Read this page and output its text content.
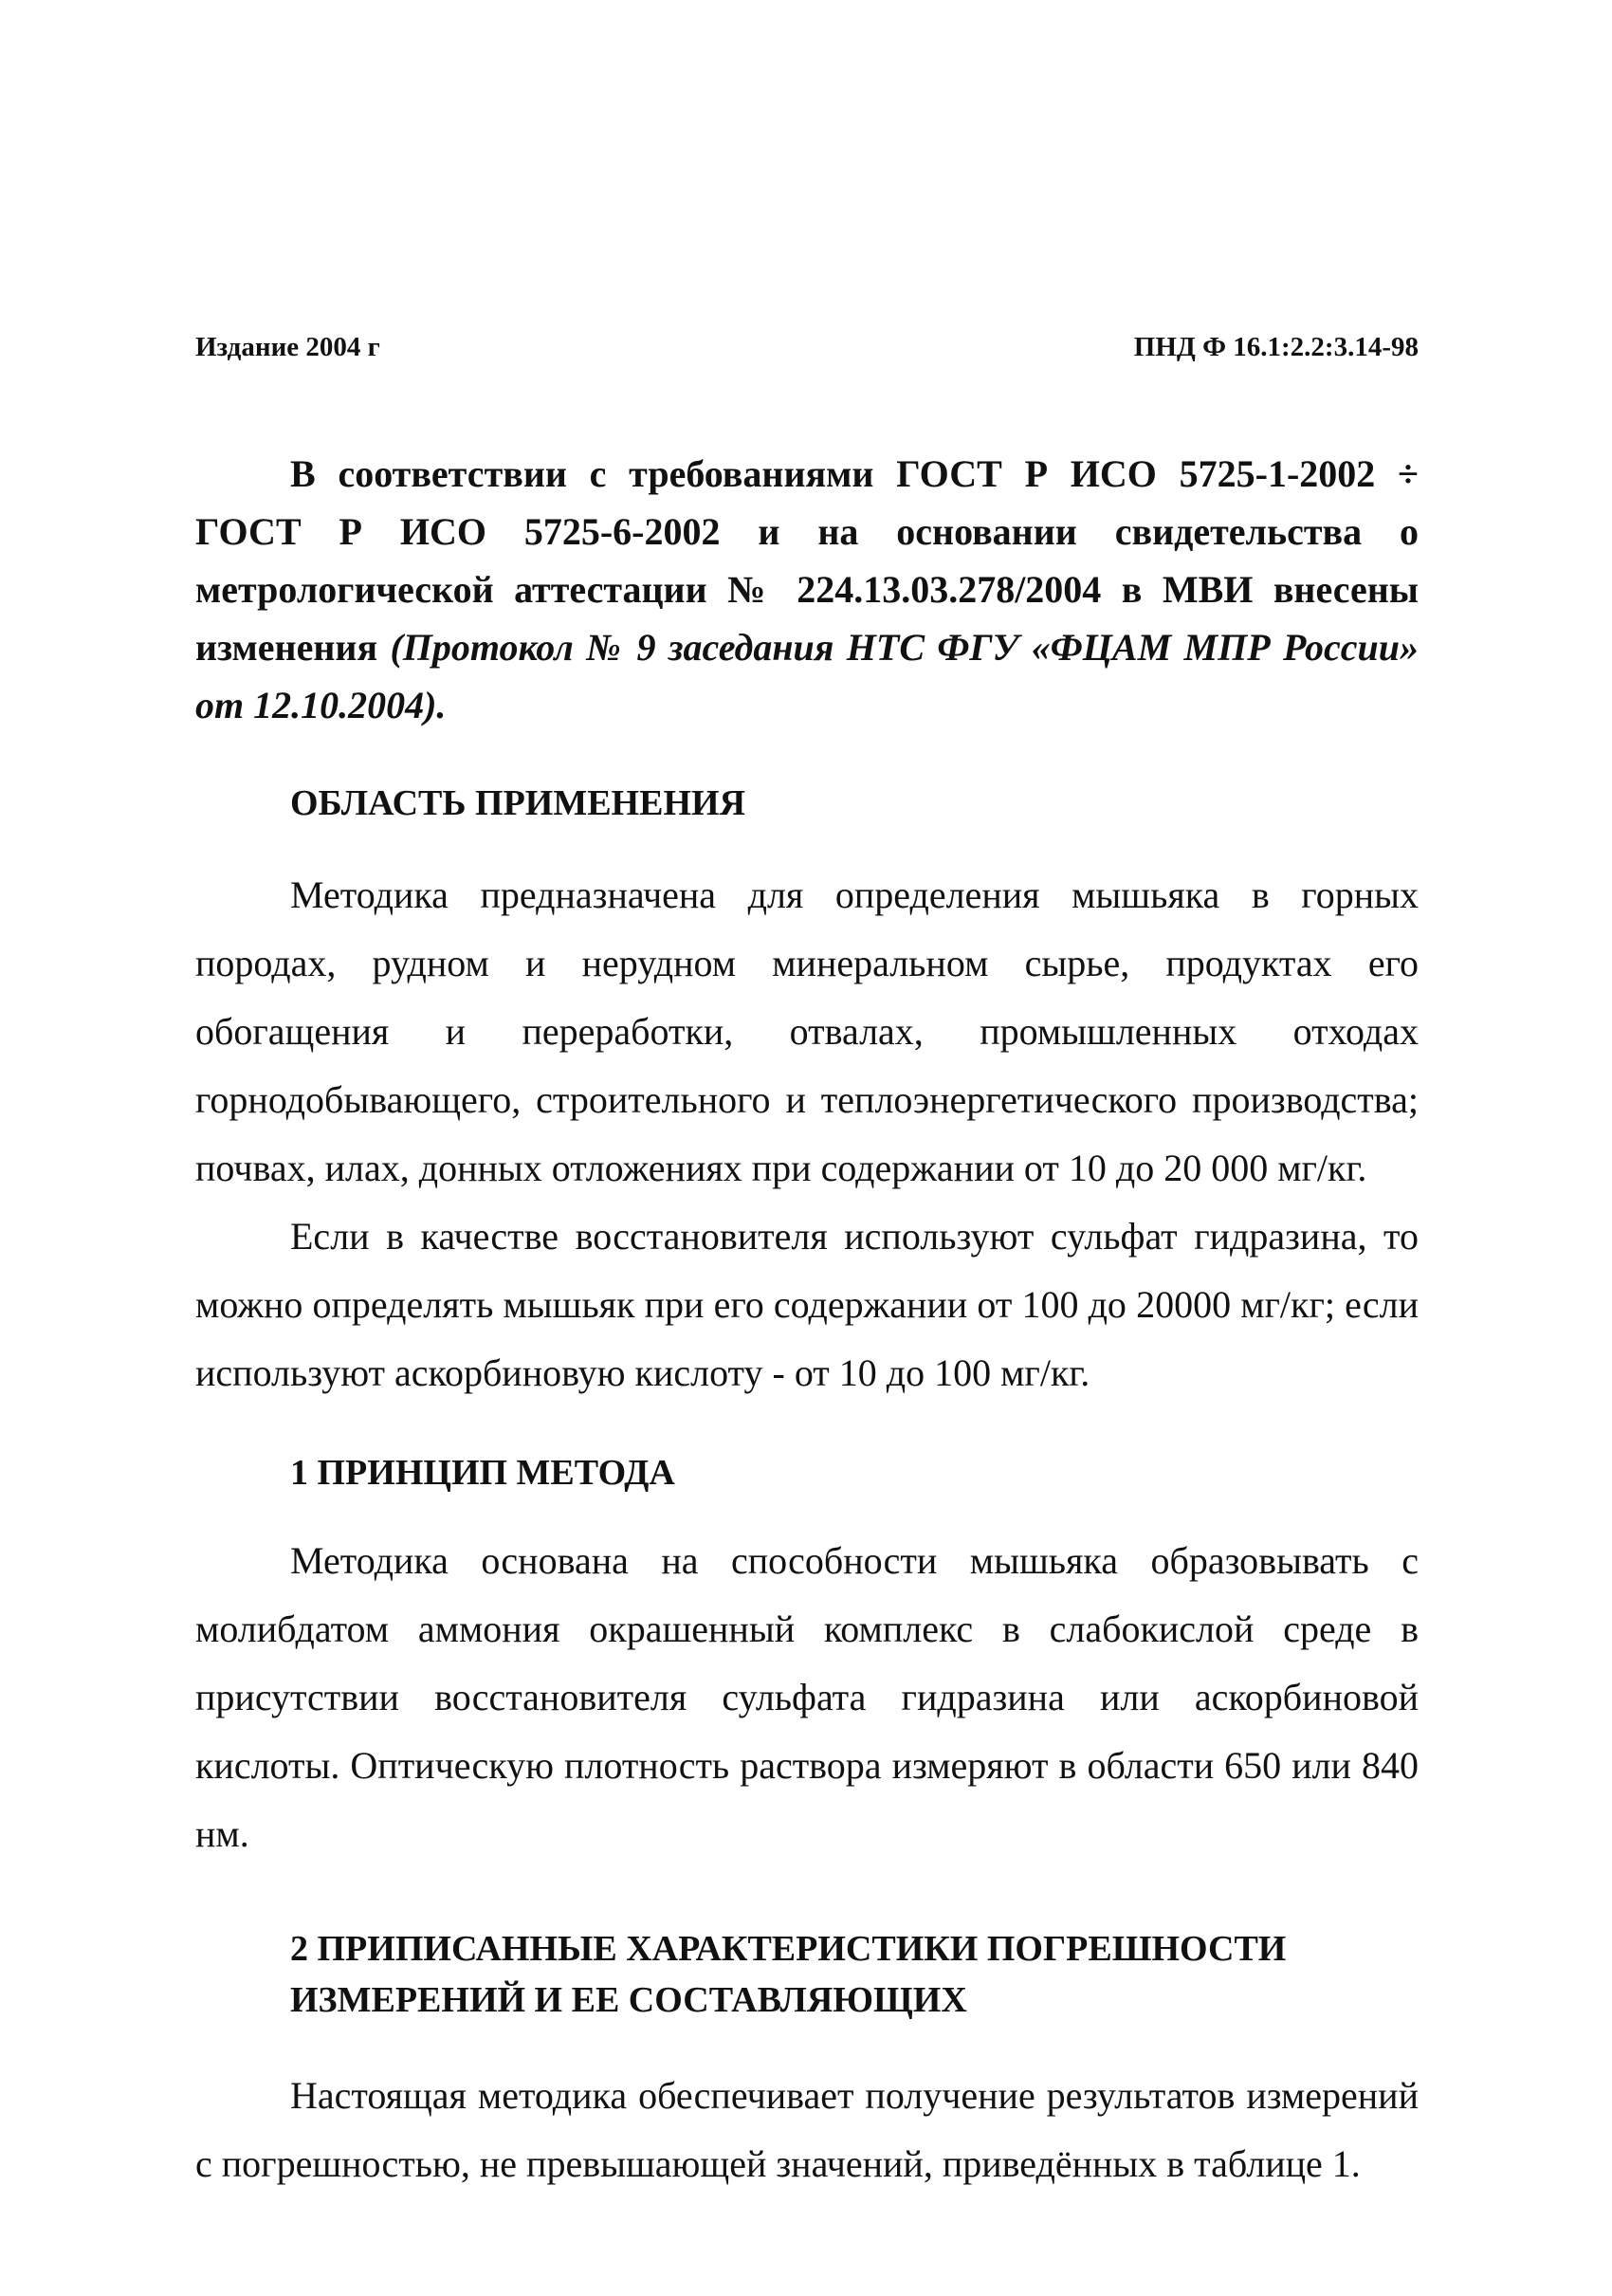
Издание 2004 г	ПНД Ф 16.1:2.2:3.14-98

В соответствии с требованиями ГОСТ Р ИСО 5725-1-2002 ÷ ГОСТ Р ИСО 5725-6-2002 и на основании свидетельства о метрологической аттестации № 224.13.03.278/2004 в МВИ внесены изменения (Протокол № 9 заседания НТС ФГУ «ФЦАМ МПР России» от 12.10.2004).

ОБЛАСТЬ ПРИМЕНЕНИЯ

Методика предназначена для определения мышьяка в горных породах, рудном и нерудном минеральном сырье, продуктах его обогащения и переработки, отвалах, промышленных отходах горнодобывающего, строительного и теплоэнергетического производства; почвах, илах, донных отложениях при содержании от 10 до 20 000 мг/кг.

Если в качестве восстановителя используют сульфат гидразина, то можно определять мышьяк при его содержании от 100 до 20000 мг/кг; если используют аскорбиновую кислоту - от 10 до 100 мг/кг.

1 ПРИНЦИП МЕТОДА

Методика основана на способности мышьяка образовывать с молибдатом аммония окрашенный комплекс в слабокислой среде в присутствии восстановителя сульфата гидразина или аскорбиновой кислоты. Оптическую плотность раствора измеряют в области 650 или 840 нм.

2 ПРИПИСАННЫЕ ХАРАКТЕРИСТИКИ ПОГРЕШНОСТИ
ИЗМЕРЕНИЙ И ЕЕ СОСТАВЛЯЮЩИХ

Настоящая методика обеспечивает получение результатов измерений с погрешностью, не превышающей значений, приведённых в таблице 1.
